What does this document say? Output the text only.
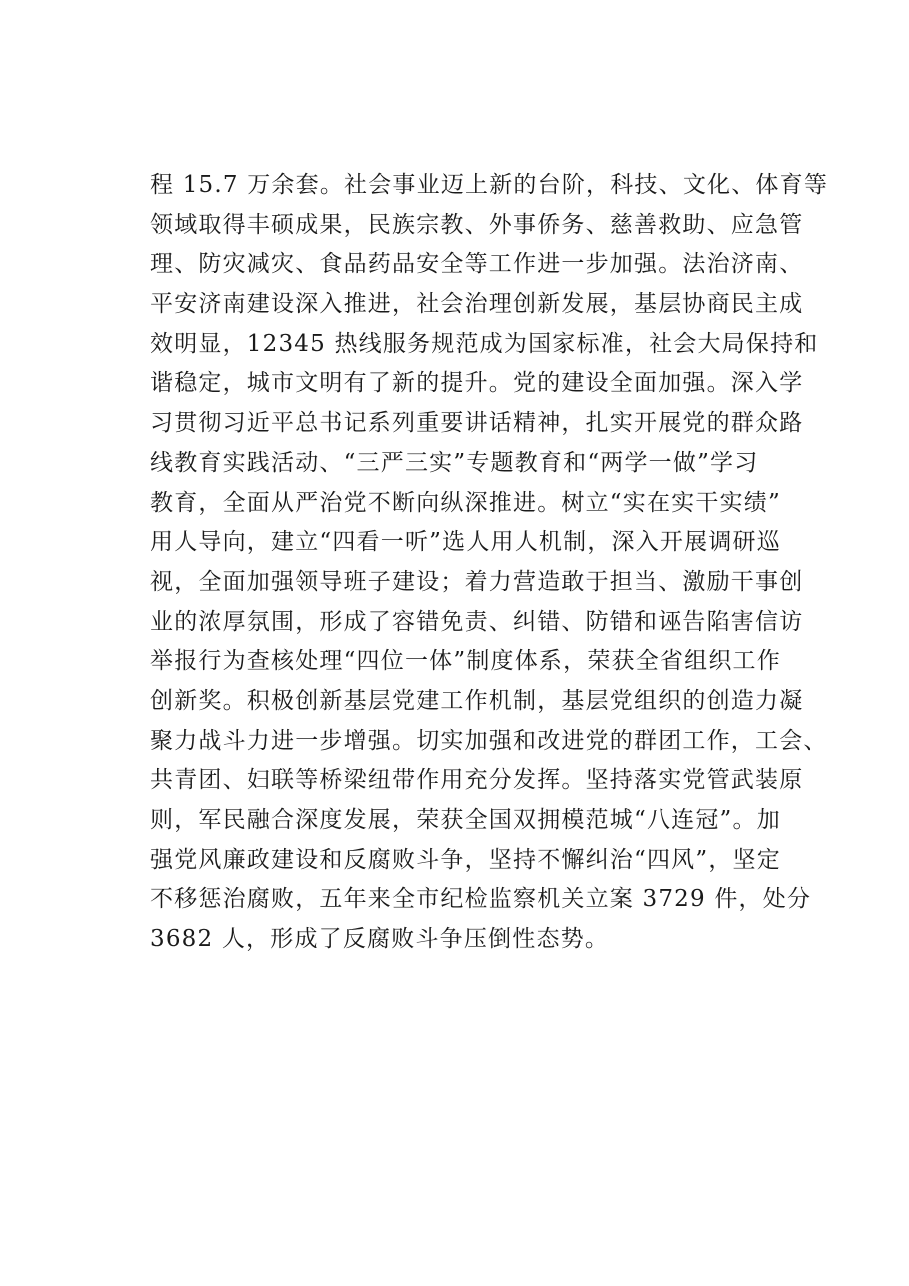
程 15.7 万余套。社会事业迈上新的台阶，科技、文化、体育等
领域取得丰硕成果，民族宗教、外事侨务、慈善救助、应急管
理、防灾减灾、食品药品安全等工作进一步加强。法治济南、
平安济南建设深入推进，社会治理创新发展，基层协商民主成
效明显，12345 热线服务规范成为国家标准，社会大局保持和
谐稳定，城市文明有了新的提升。党的建设全面加强。深入学
习贯彻习近平总书记系列重要讲话精神，扎实开展党的群众路
线教育实践活动、“三严三实”专题教育和“两学一做”学习
教育，全面从严治党不断向纵深推进。树立“实在实干实绩”
用人导向，建立“四看一听”选人用人机制，深入开展调研巡
视，全面加强领导班子建设；着力营造敢于担当、激励干事创
业的浓厚氛围，形成了容错免责、纠错、防错和诬告陷害信访
举报行为查核处理“四位一体”制度体系，荣获全省组织工作
创新奖。积极创新基层党建工作机制，基层党组织的创造力凝
聚力战斗力进一步增强。切实加强和改进党的群团工作，工会、
共青团、妇联等桥梁纽带作用充分发挥。坚持落实党管武装原
则，军民融合深度发展，荣获全国双拥模范城“八连冠”。加
强党风廉政建设和反腐败斗争，坚持不懈纠治“四风”，坚定
不移惩治腐败，五年来全市纪检监察机关立案 3729 件，处分
3682 人，形成了反腐败斗争压倒性态势。
